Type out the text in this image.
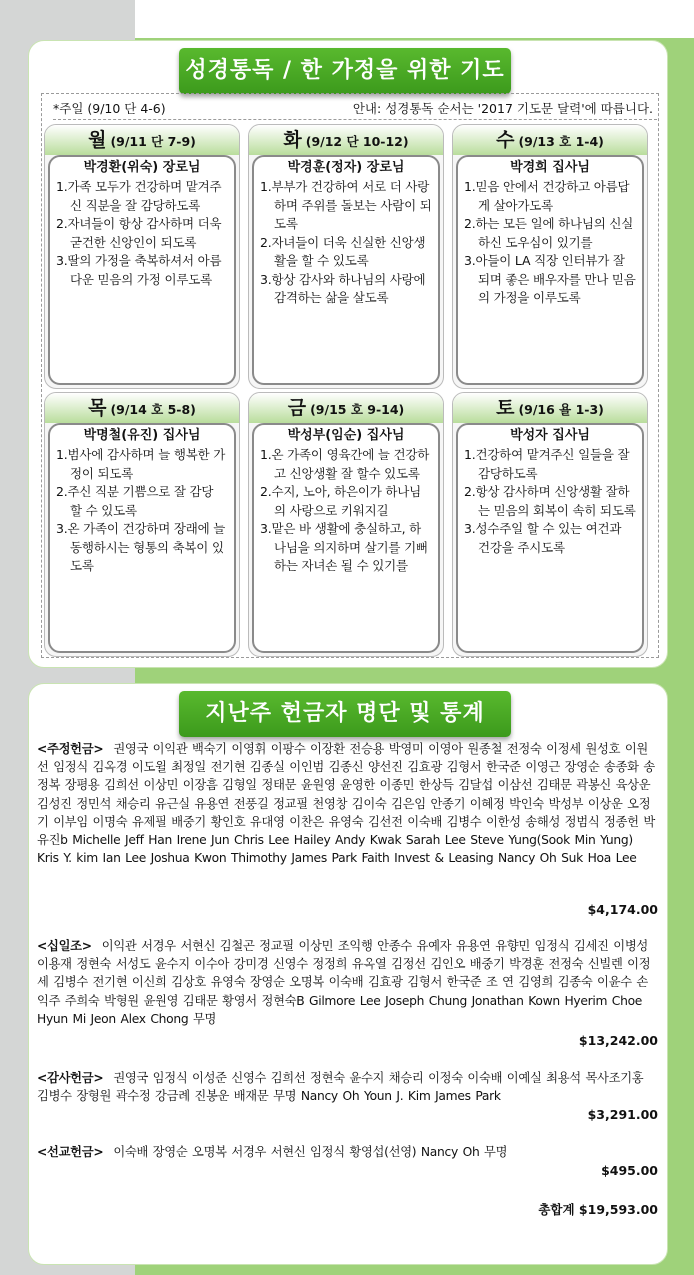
성경통독 / 한 가정을 위한 기도
*주일 (9/10 단 4-6)	안내: 성경통독 순서는 '2017 기도문 달력'에 따릅니다.
월 (9/11 단 7-9)
박경환(위숙) 장로님
1.가족 모두가 건강하며 맡겨주신 직분을 잘 감당하도록
2.자녀들이 항상 감사하며 더욱 굳건한 신앙인이 되도록
3.딸의 가정을 축복하셔서 아름다운 믿음의 가정 이루도록
화 (9/12 단 10-12)
박경훈(정자) 장로님
1.부부가 건강하여 서로 더 사랑하며 주위를 돌보는 사람이 되도록
2.자녀들이 더욱 신실한 신앙생활을 할 수 있도록
3.항상 감사와 하나님의 사랑에 감격하는 삶을 살도록
수 (9/13 호 1-4)
박경희 집사님
1.믿음 안에서 건강하고 아름답게 살아가도록
2.하는 모든 일에 하나님의 신실하신 도우심이 있기를
3.아들이 LA 직장 인터뷰가 잘 되며 좋은 배우자를 만나 믿음의 가정을 이루도록
목 (9/14 호 5-8)
박명철(유진) 집사님
1.범사에 감사하며 늘 행복한 가정이 되도록
2.주신 직분 기쁨으로 잘 감당 할 수 있도록
3.온 가족이 건강하며 장래에 늘 동행하시는 형통의 축복이 있도록
금 (9/15 호 9-14)
박성부(임순) 집사님
1.온 가족이 영육간에 늘 건강하고 신앙생활 잘 할수 있도록
2.수지, 노아, 하은이가 하나님의 사랑으로 키워지길
3.맡은 바 생활에 충실하고, 하나님을 의지하며 살기를 기뻐하는 자녀손 될 수 있기를
토 (9/16 욜 1-3)
박성자 집사님
1.건강하여 맡겨주신 일들을 잘 감당하도록
2.항상 감사하며 신앙생활 잘하는 믿음의 회복이 속히 되도록
3.성수주일 할 수 있는 여건과 건강을 주시도록
지난주 헌금자 명단 및 통계
<주정헌금> 권영국 이익관 백숙기 이영휘 이팡수 이장환 전승용 박영미 이영아 원종철 전정숙 이정세 원성호 이원선 임정식 김옥경 이도윌 최정일 전기현 김종실 이인범 김종신 양선진 김효광 김형서 한국준 이영근 장영순 송종화 송정복 장평용 김희선 이상민 이장흠 김형일 정태문 윤원영 윤영한 이종민 한상득 김달섭 이삼선 김태문 곽봉신 육상운 김성진 정민석 채승리 유근실 유용연 전풍길 정교필 천영창 김이숙 김은임 안종기 이혜정 박인숙 박성부 이상운 오정기 이부임 이명숙 유제필 배중기 황인호 유대영 이찬은 유영숙 김선전 이숙배 김병수 이한성 송해성 정범식 정종헌 박유진b Michelle Jeff Han Irene Jun Chris Lee Hailey Andy Kwak Sarah Lee Steve Yung(Sook Min Yung) Kris Y. kim Ian Lee Joshua Kwon Thimothy James Park Faith Invest & Leasing Nancy Oh Suk Hoa Lee
$4,174.00
<십일조> 이익관 서경우 서현신 김철곤 정교필 이상민 조익행 안종수 유예자 유용연 유향민 임정식 김세진 이병성 이용재 정현숙 서성도 윤수지 이수아 강미경 신영수 정정희 유옥열 김정선 김인오 배중기 박경훈 전정숙 신빌렌 이정세 김병수 전기현 이신희 김상호 유영숙 장영순 오명복 이숙배 김효광 김형서 한국준 조 연 김영희 김종숙 이윤수 손익주 주희숙 박형원 윤원영 김태문 황영서 정현숙B Gilmore Lee Joseph Chung Jonathan Kown Hyerim Choe Hyun Mi Jeon Alex Chong 무명
$13,242.00
<감사헌금> 권영국 임정식 이성준 신영수 김희선 정현숙 윤수지 채승리 이정숙 이숙배 이예실 최용석 목사조기홍 김병수 장형원 곽수정 강금례 진봉운 배재문 무명 Nancy Oh Youn J. Kim James Park
$3,291.00
<선교헌금> 이숙배 장영순 오명복 서경우 서현신 임정식 황영섭(선영) Nancy Oh 무명
$495.00
총합계 $19,593.00
